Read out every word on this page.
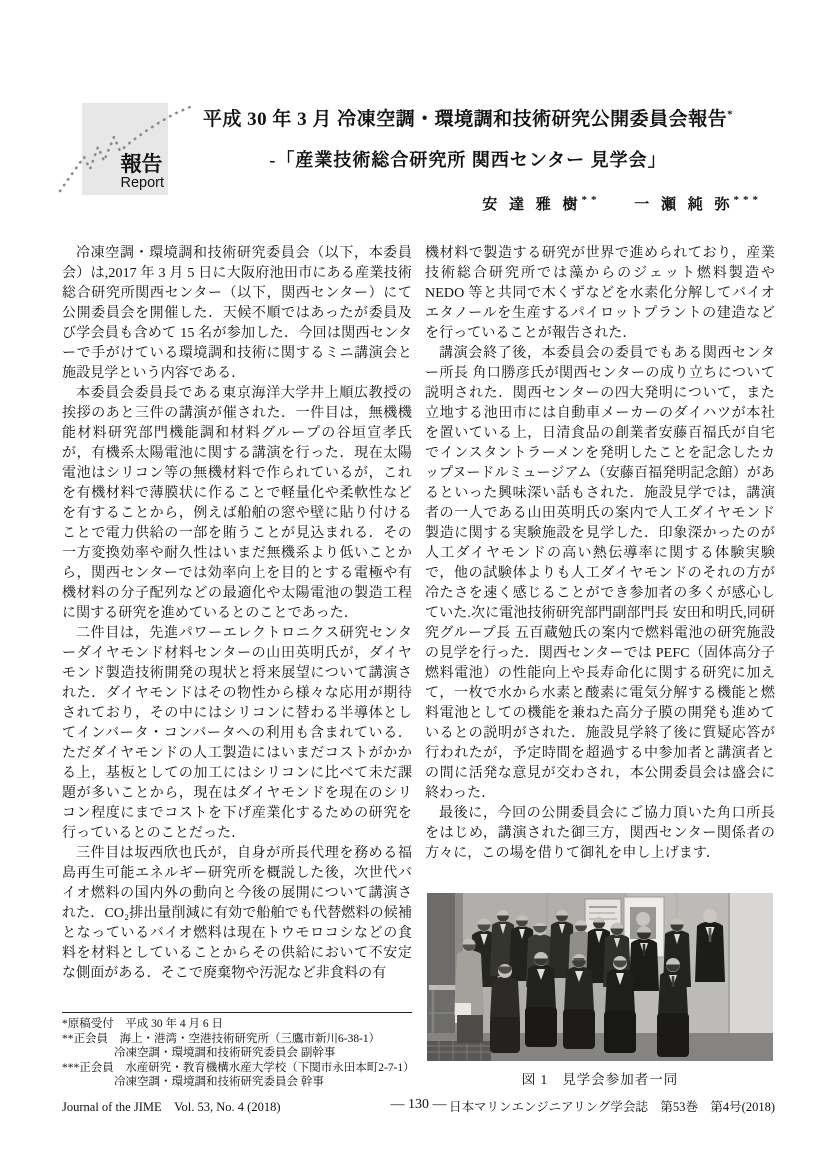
報告
Report
平成 30 年 3 月 冷凍空調・環境調和技術研究公開委員会報告*
-「産業技術総合研究所 関西センター 見学会」
安 達 雅 樹** 一 瀬 純 弥***

冷凍空調・環境調和技術研究委員会（以下，本委員会）は,2017 年 3 月 5 日に大阪府池田市にある産業技術総合研究所関西センター（以下，関西センター）にて公開委員会を開催した．天候不順ではあったが委員及び学会員も含めて 15 名が参加した．今回は関西センターで手がけている環境調和技術に関するミニ講演会と施設見学という内容である．

本委員会委員長である東京海洋大学井上順広教授の挨拶のあと三件の講演が催された．一件目は，無機機能材料研究部門機能調和材料グループの谷垣宣孝氏が，有機系太陽電池に関する講演を行った．現在太陽電池はシリコン等の無機材料で作られているが，これを有機材料で薄膜状に作ることで軽量化や柔軟性などを有することから，例えば船舶の窓や壁に貼り付けることで電力供給の一部を賄うことが見込まれる．その一方変換効率や耐久性はいまだ無機系より低いことから，関西センターでは効率向上を目的とする電極や有機材料の分子配列などの最適化や太陽電池の製造工程に関する研究を進めているとのことであった．

二件目は，先進パワーエレクトロニクス研究センターダイヤモンド材料センターの山田英明氏が，ダイヤモンド製造技術開発の現状と将来展望について講演された．ダイヤモンドはその物性から様々な応用が期待されており，その中にはシリコンに替わる半導体としてインバータ・コンバータへの利用も含まれている．ただダイヤモンドの人工製造にはいまだコストがかかる上，基板としての加工にはシリコンに比べて未だ課題が多いことから，現在はダイヤモンドを現在のシリコン程度にまでコストを下げ産業化するための研究を行っているとのことだった．

三件目は坂西欣也氏が，自身が所長代理を務める福島再生可能エネルギー研究所を概説した後，次世代バイオ燃料の国内外の動向と今後の展開について講演された．CO₂排出量削減に有効で船舶でも代替燃料の候補となっているバイオ燃料は現在トウモロコシなどの食料を材料としていることからその供給において不安定な側面がある．そこで廃棄物や汚泥など非食料の有

機材料で製造する研究が世界で進められており，産業技術総合研究所では藻からのジェット燃料製造や NEDO 等と共同で木くずなどを水素化分解してバイオエタノールを生産するパイロットプラントの建造などを行っていることが報告された．

講演会終了後，本委員会の委員でもある関西センター所長 角口勝彦氏が関西センターの成り立ちについて説明された．関西センターの四大発明について，また立地する池田市には自動車メーカーのダイハツが本社を置いている上，日清食品の創業者安藤百福氏が自宅でインスタントラーメンを発明したことを記念したカップヌードルミュージアム（安藤百福発明記念館）があるといった興味深い話もされた．施設見学では，講演者の一人である山田英明氏の案内で人工ダイヤモンド製造に関する実験施設を見学した．印象深かったのが人工ダイヤモンドの高い熱伝導率に関する体験実験で，他の試験体よりも人工ダイヤモンドのそれの方が冷たさを速く感じることができ参加者の多くが感心していた.次に電池技術研究部門副部門長 安田和明氏,同研究グループ長 五百蔵勉氏の案内で燃料電池の研究施設の見学を行った．関西センターでは PEFC（固体高分子燃料電池）の性能向上や長寿命化に関する研究に加えて，一枚で水から水素と酸素に電気分解する機能と燃料電池としての機能を兼ねた高分子膜の開発も進めているとの説明がされた．施設見学終了後に質疑応答が行われたが，予定時間を超過する中参加者と講演者との間に活発な意見が交わされ，本公開委員会は盛会に終わった．

最後に，今回の公開委員会にご協力頂いた角口所長をはじめ，講演された御三方，関西センター関係者の方々に，この場を借りて御礼を申し上げます．

図 1 見学会参加者一同
*原稿受付　平成 30 年 4 月 6 日
**正会員　海上・港湾・空港技術研究所（三鷹市新川6-38-1）
冷凍空調・環境調和技術研究委員会 副幹事
***正会員　水産研究・教育機構水産大学校（下関市永田本町2-7-1）
冷凍空調・環境調和技術研究委員会 幹事
Journal of the JIME　Vol. 53, No. 4 (2018)	― 130 ― 日本マリンエンジニアリング学会誌　第53巻　第4号(2018)
